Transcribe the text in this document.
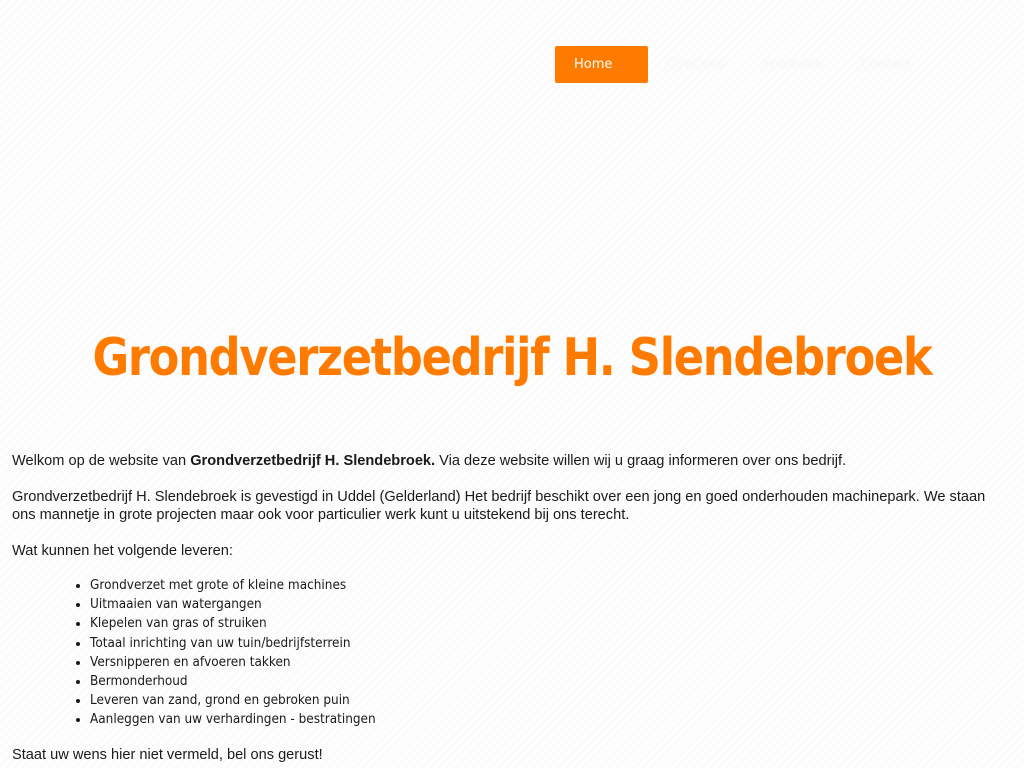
Home	Over ons	Fotoboek	Contact
Grondverzetbedrijf H. Slendebroek

Welkom op de website van Grondverzetbedrijf H. Slendebroek. Via deze website willen wij u graag informeren over ons bedrijf.

Grondverzetbedrijf H. Slendebroek is gevestigd in Uddel (Gelderland) Het bedrijf beschikt over een jong en goed onderhouden machinepark. We staan ons mannetje in grote projecten maar ook voor particulier werk kunt u uitstekend bij ons terecht.

Wat kunnen het volgende leveren:

• Grondverzet met grote of kleine machines
• Uitmaaien van watergangen
• Klepelen van gras of struiken
• Totaal inrichting van uw tuin/bedrijfsterrein
• Versnipperen en afvoeren takken
• Bermonderhoud
• Leveren van zand, grond en gebroken puin
• Aanleggen van uw verhardingen - bestratingen

Staat uw wens hier niet vermeld, bel ons gerust!
